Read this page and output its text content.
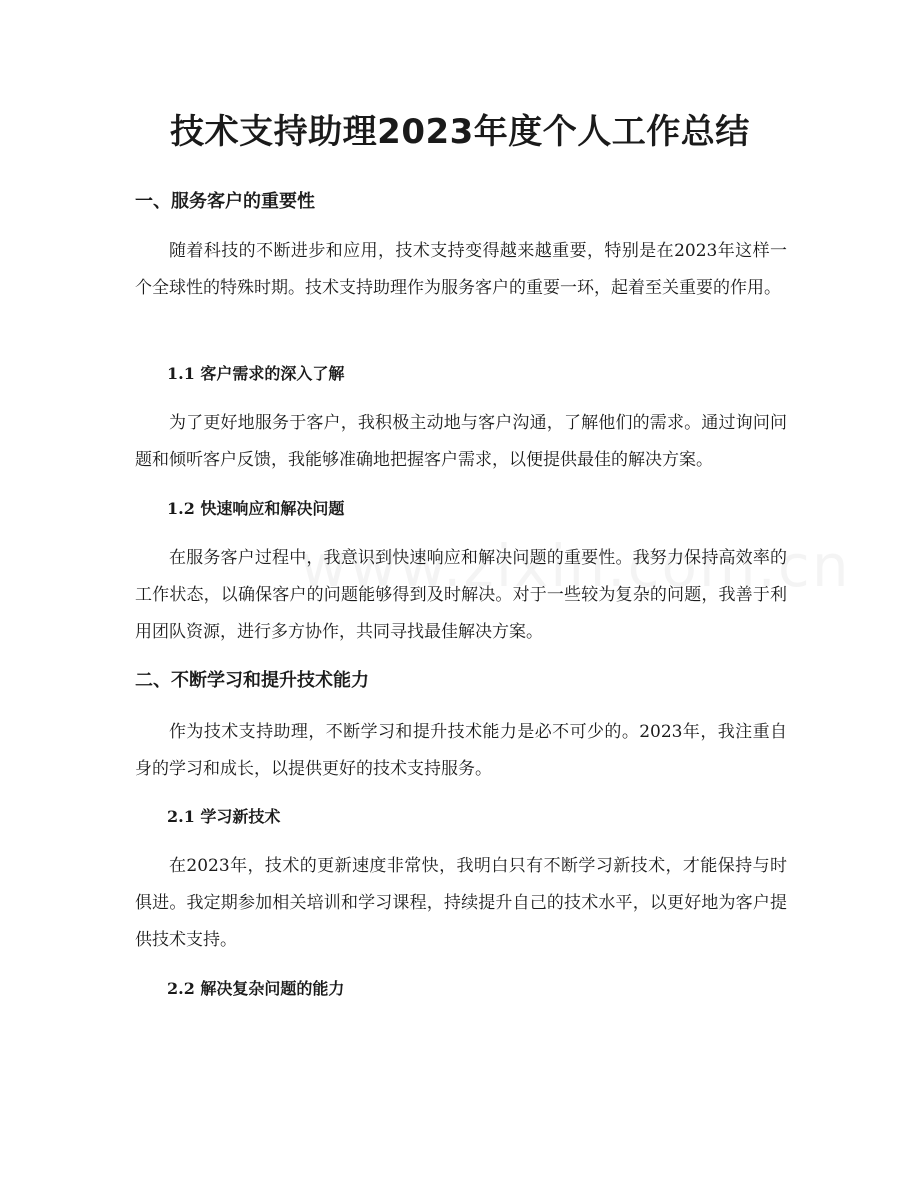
技术支持助理2023年度个人工作总结
一、服务客户的重要性

随着科技的不断进步和应用，技术支持变得越来越重要，特别是在2023年这样一个全球性的特殊时期。技术支持助理作为服务客户的重要一环，起着至关重要的作用。

1.1 客户需求的深入了解

为了更好地服务于客户，我积极主动地与客户沟通，了解他们的需求。通过询问问题和倾听客户反馈，我能够准确地把握客户需求，以便提供最佳的解决方案。

1.2 快速响应和解决问题

在服务客户过程中，我意识到快速响应和解决问题的重要性。我努力保持高效率的工作状态，以确保客户的问题能够得到及时解决。对于一些较为复杂的问题，我善于利用团队资源，进行多方协作，共同寻找最佳解决方案。

二、不断学习和提升技术能力

作为技术支持助理，不断学习和提升技术能力是必不可少的。2023年，我注重自身的学习和成长，以提供更好的技术支持服务。

2.1 学习新技术

在2023年，技术的更新速度非常快，我明白只有不断学习新技术，才能保持与时俱进。我定期参加相关培训和学习课程，持续提升自己的技术水平，以更好地为客户提供技术支持。

2.2 解决复杂问题的能力
